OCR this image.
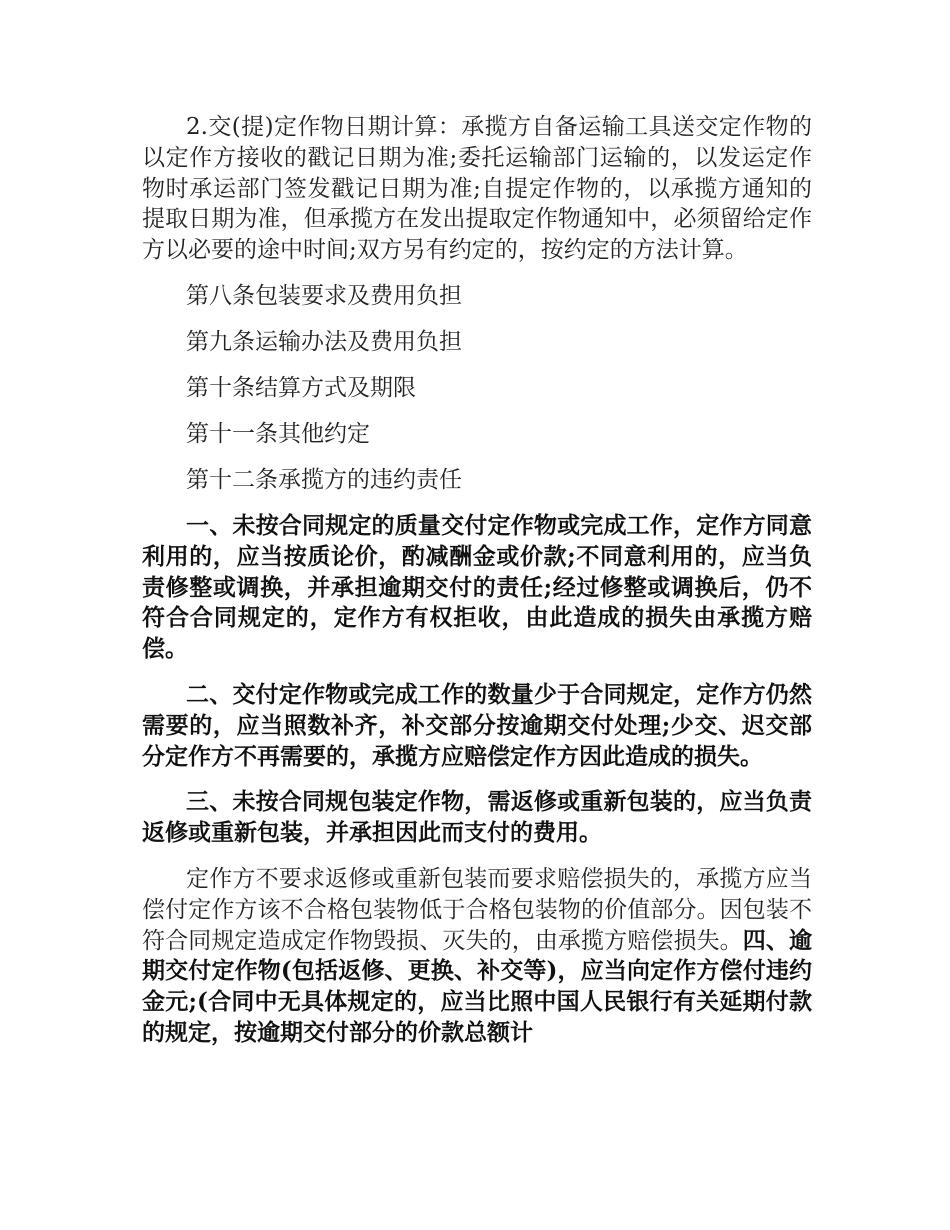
2.交(提)定作物日期计算：承揽方自备运输工具送交定作物的以定作方接收的戳记日期为准;委托运输部门运输的，以发运定作物时承运部门签发戳记日期为准;自提定作物的，以承揽方通知的提取日期为准，但承揽方在发出提取定作物通知中，必须留给定作方以必要的途中时间;双方另有约定的，按约定的方法计算。

第八条包装要求及费用负担

第九条运输办法及费用负担

第十条结算方式及期限

第十一条其他约定

第十二条承揽方的违约责任

一、未按合同规定的质量交付定作物或完成工作，定作方同意利用的，应当按质论价，酌减酬金或价款;不同意利用的，应当负责修整或调换，并承担逾期交付的责任;经过修整或调换后，仍不符合合同规定的，定作方有权拒收，由此造成的损失由承揽方赔偿。

二、交付定作物或完成工作的数量少于合同规定，定作方仍然需要的，应当照数补齐，补交部分按逾期交付处理;少交、迟交部分定作方不再需要的，承揽方应赔偿定作方因此造成的损失。

三、未按合同规包装定作物，需返修或重新包装的，应当负责返修或重新包装，并承担因此而支付的费用。

定作方不要求返修或重新包装而要求赔偿损失的，承揽方应当偿付定作方该不合格包装物低于合格包装物的价值部分。因包装不符合同规定造成定作物毁损、灭失的，由承揽方赔偿损失。四、逾期交付定作物(包括返修、更换、补交等)，应当向定作方偿付违约金元;(合同中无具体规定的，应当比照中国人民银行有关延期付款的规定，按逾期交付部分的价款总额计
